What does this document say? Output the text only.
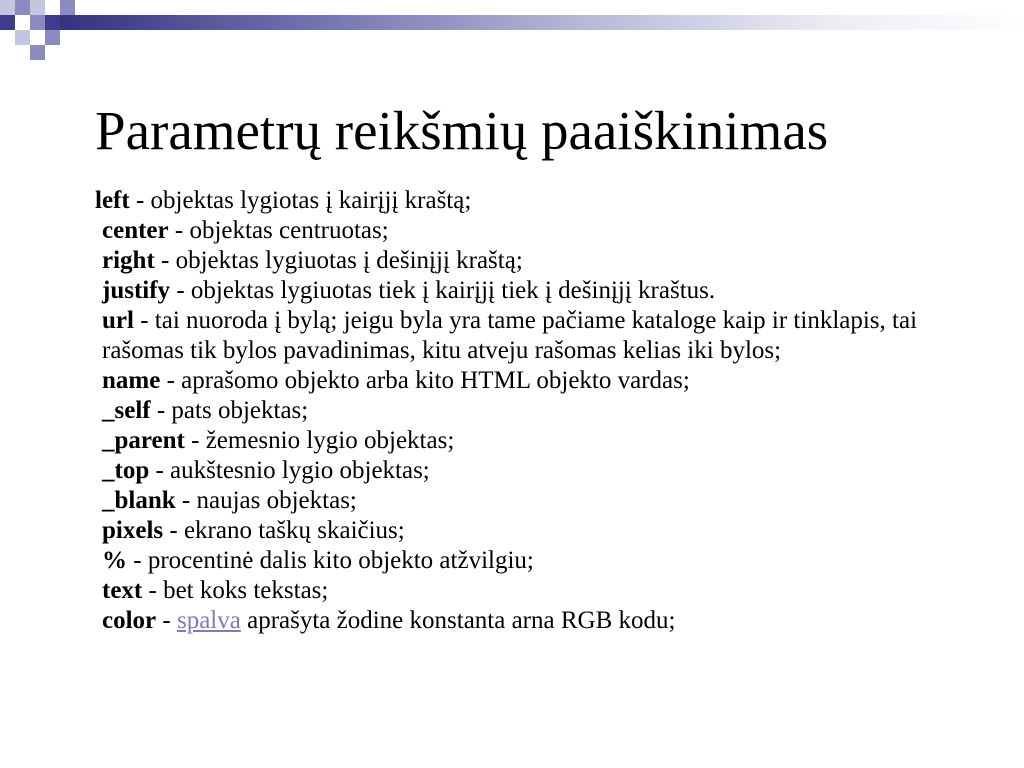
Parametrų reikšmių paaiškinimas
left - objektas lygiotas į kairįjį kraštą;
center - objektas centruotas;
right - objektas lygiuotas į dešinįjį kraštą;
justify - objektas lygiuotas tiek į kairįjį tiek į dešinįjį kraštus.
url - tai nuoroda į bylą; jeigu byla yra tame pačiame kataloge kaip ir tinklapis, tai rašomas tik bylos pavadinimas, kitu atveju rašomas kelias iki bylos;
name - aprašomo objekto arba kito HTML objekto vardas;
_self - pats objektas;
_parent - žemesnio lygio objektas;
_top - aukštesnio lygio objektas;
_blank - naujas objektas;
pixels - ekrano taškų skaičius;
% - procentinė dalis kito objekto atžvilgiu;
text - bet koks tekstas;
color - spalva aprašyta žodine konstanta arna RGB kodu;
